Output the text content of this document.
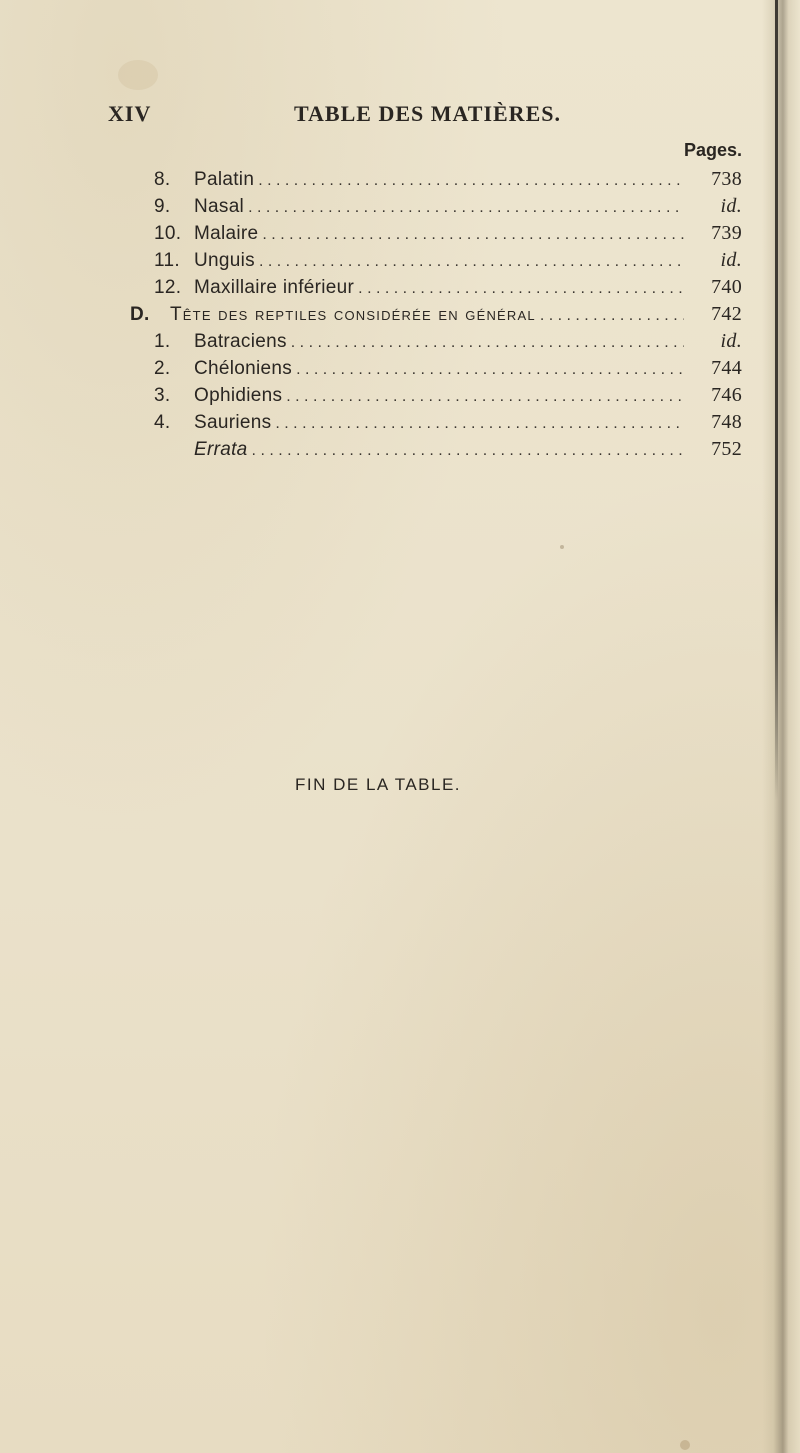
XIV	TABLE DES MATIÈRES.
Pages.
8.	Palatin . . .	738
9.	Nasal . . .	id.
10. Malaire . . .	739
11. Unguis . . .	id.
12. Maxillaire inférieur . . .	740
D.	Tête des reptiles considérée en général . . .	742
1.	Batraciens . . .	id.
2.	Chéloniens . . .	744
3.	Ophidiens . . .	746
4.	Sauriens . . .	748
Errata . . .	752
FIN DE LA TABLE.
